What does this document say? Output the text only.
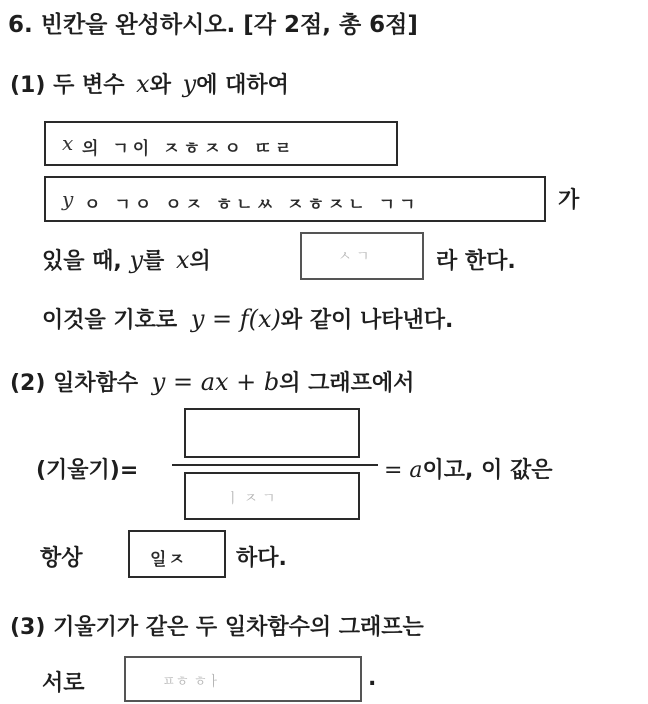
6. 빈칸을 완성하시오. [각 2점, 총 6점]
(1) 두 변수 x와 y에 대하여
x 의 ㄱ이 ㅈㅎㅈㅇ ㄸㄹ
y ㅇ ㄱㅇ ㅇㅈ ㅎㄴㅆ ㅈㅎㅈㄴ ㄱㄱ	가
있을 때, y를 x의	ㅅ ㄱ	라 한다.
이것을 기호로 y = f(x)와 같이 나타낸다.
(2) 일차함수 y = ax + b의 그래프에서
(기울기)=
ㅣ ㅈ ㄱ
= a이고, 이 값은
항상	일ㅈ 하다.
(3) 기울기가 같은 두 일차함수의 그래프는
서로	ㅍㅎ ㅎㅏ	.
